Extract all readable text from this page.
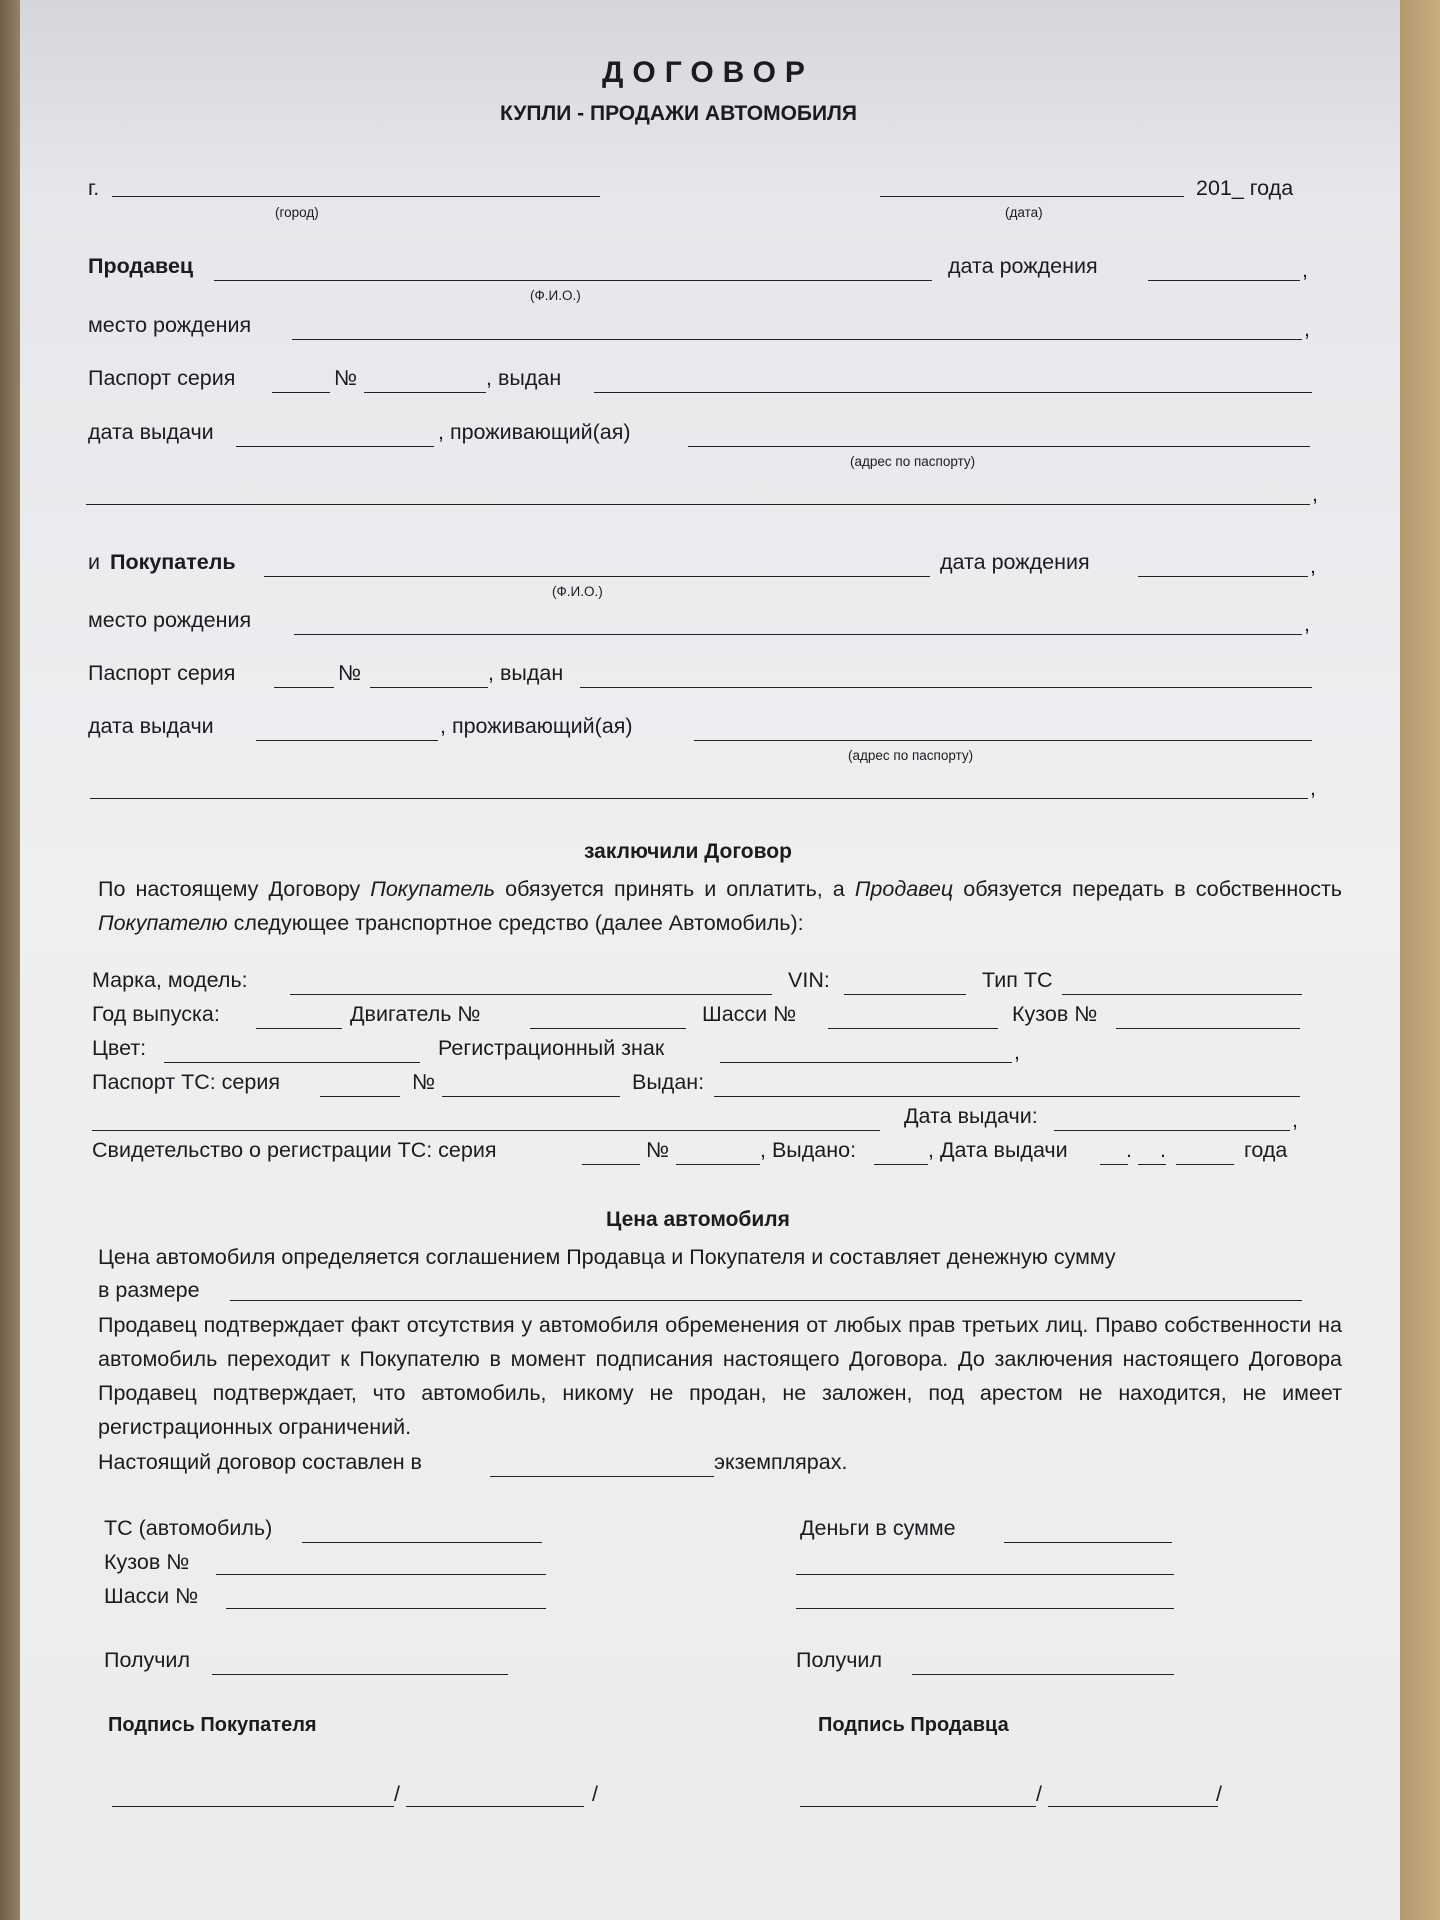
ДОГОВОР
КУПЛИ - ПРОДАЖИ АВТОМОБИЛЯ
г.
(город)
201_ года
(дата)
Продавец	дата рождения	,
(Ф.И.О.)
место рождения	,
Паспорт серия	№	, выдан
дата выдачи	, проживающий(ая)
(адрес по паспорту)
,
и Покупатель	дата рождения	,
(Ф.И.О.)
место рождения	,
Паспорт серия	№	, выдан
дата выдачи	, проживающий(ая)
(адрес по паспорту)
,
заключили Договор
По настоящему Договору Покупатель обязуется принять и оплатить, а Продавец обязуется передать в собственность Покупателю следующее транспортное средство (далее Автомобиль):
Марка, модель:	VIN:	Тип ТС
Год выпуска:	Двигатель №	Шасси №	Кузов №
Цвет:	Регистрационный знак	,
Паспорт ТС: серия	№	Выдан:
Дата выдачи:	,
Свидетельство о регистрации ТС: серия	№	, Выдано:	, Дата выдачи	. .	года
Цена автомобиля
Цена автомобиля определяется соглашением Продавца и Покупателя и составляет денежную сумму
в размере
Продавец подтверждает факт отсутствия у автомобиля обременения от любых прав третьих лиц. Право собственности на автомобиль переходит к Покупателю в момент подписания настоящего Договора. До заключения настоящего Договора Продавец подтверждает, что автомобиль, никому не продан, не заложен, под арестом не находится, не имеет регистрационных ограничений.
Настоящий договор составлен в	экземплярах.
ТС (автомобиль)
Кузов №
Шасси №
Деньги в сумме
Получил	Получил
Подпись Покупателя	Подпись Продавца
/	/	/	/
